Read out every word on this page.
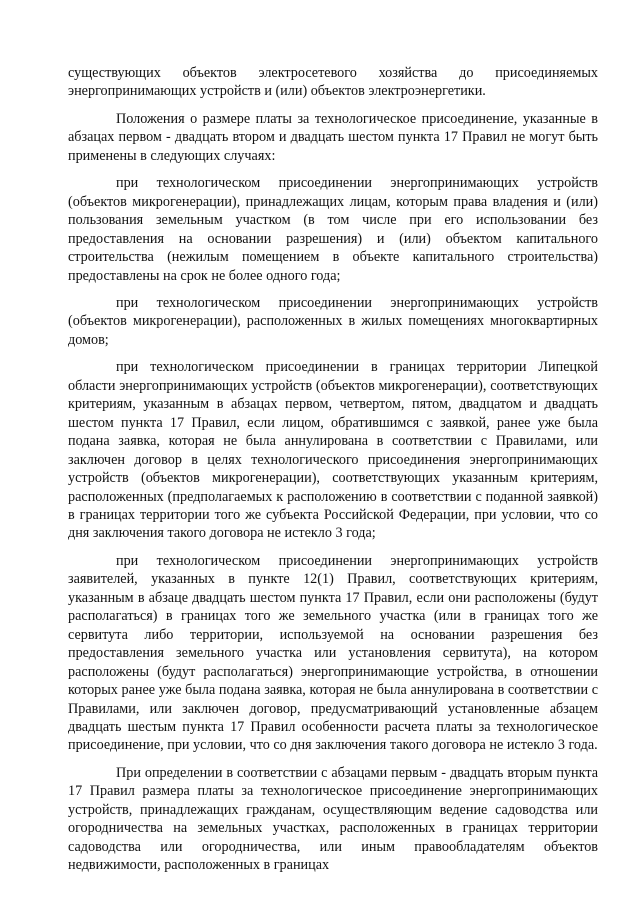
существующих объектов электросетевого хозяйства до присоединяемых энергопринимающих устройств и (или) объектов электроэнергетики.

Положения о размере платы за технологическое присоединение, указанные в абзацах первом - двадцать втором и двадцать шестом пункта 17 Правил не могут быть применены в следующих случаях:

при технологическом присоединении энергопринимающих устройств (объектов микрогенерации), принадлежащих лицам, которым права владения и (или) пользования земельным участком (в том числе при его использовании без предоставления на основании разрешения) и (или) объектом капитального строительства (нежилым помещением в объекте капитального строительства) предоставлены на срок не более одного года;

при технологическом присоединении энергопринимающих устройств (объектов микрогенерации), расположенных в жилых помещениях многоквартирных домов;

при технологическом присоединении в границах территории Липецкой области энергопринимающих устройств (объектов микрогенерации), соответствующих критериям, указанным в абзацах первом, четвертом, пятом, двадцатом и двадцать шестом пункта 17 Правил, если лицом, обратившимся с заявкой, ранее уже была подана заявка, которая не была аннулирована в соответствии с Правилами, или заключен договор в целях технологического присоединения энергопринимающих устройств (объектов микрогенерации), соответствующих указанным критериям, расположенных (предполагаемых к расположению в соответствии с поданной заявкой) в границах территории того же субъекта Российской Федерации, при условии, что со дня заключения такого договора не истекло 3 года;

при технологическом присоединении энергопринимающих устройств заявителей, указанных в пункте 12(1) Правил, соответствующих критериям, указанным в абзаце двадцать шестом пункта 17 Правил, если они расположены (будут располагаться) в границах того же земельного участка (или в границах того же сервитута либо территории, используемой на основании разрешения без предоставления земельного участка или установления сервитута), на котором расположены (будут располагаться) энергопринимающие устройства, в отношении которых ранее уже была подана заявка, которая не была аннулирована в соответствии с Правилами, или заключен договор, предусматривающий установленные абзацем двадцать шестым пункта 17 Правил особенности расчета платы за технологическое присоединение, при условии, что со дня заключения такого договора не истекло 3 года.

При определении в соответствии с абзацами первым - двадцать вторым пункта 17 Правил размера платы за технологическое присоединение энергопринимающих устройств, принадлежащих гражданам, осуществляющим ведение садоводства или огородничества на земельных участках, расположенных в границах территории садоводства или огородничества, или иным правообладателям объектов недвижимости, расположенных в границах
